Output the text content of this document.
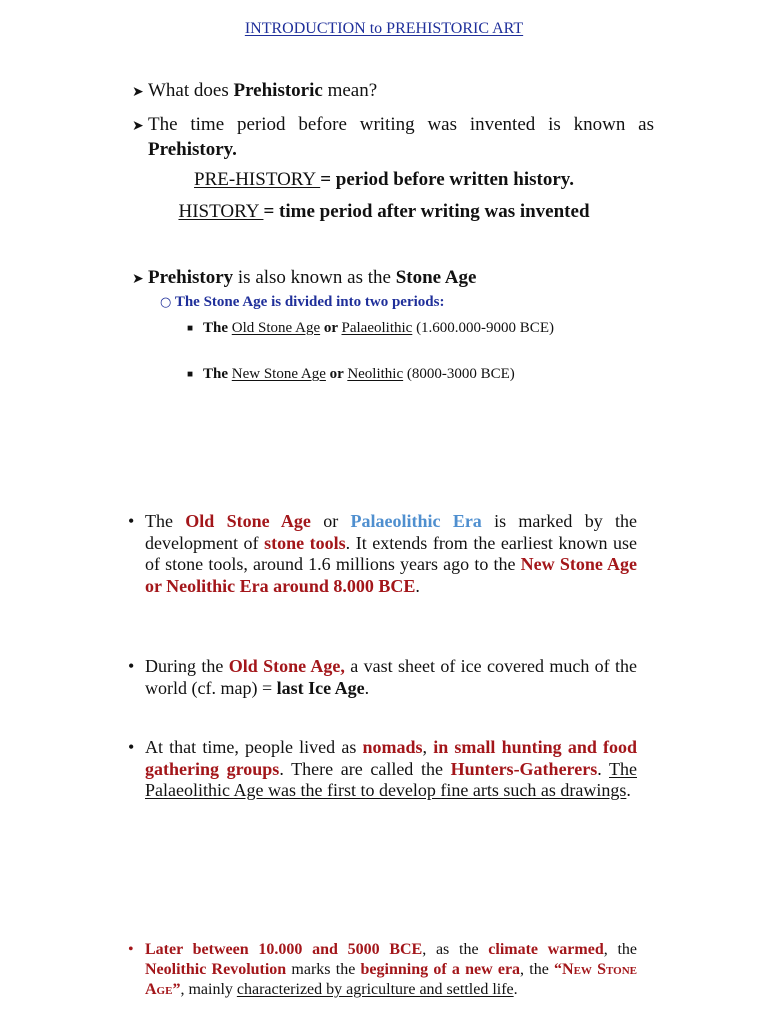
INTRODUCTION to PREHISTORIC ART
➤ What does Prehistoric mean?
➤ The time period before writing was invented is known as Prehistory.
PRE-HISTORY = period before written history.
HISTORY = time period after writing was invented
➤ Prehistory is also known as the Stone Age
○ The Stone Age is divided into two periods:
■ The Old Stone Age or Palaeolithic (1.600.000-9000 BCE)
■ The New Stone Age or Neolithic (8000-3000 BCE)
• The Old Stone Age or Palaeolithic Era is marked by the development of stone tools. It extends from the earliest known use of stone tools, around 1.6 millions years ago to the New Stone Age or Neolithic Era around 8.000 BCE.
• During the Old Stone Age, a vast sheet of ice covered much of the world (cf. map) = last Ice Age.
• At that time, people lived as nomads, in small hunting and food gathering groups. There are called the Hunters-Gatherers. The Palaeolithic Age was the first to develop fine arts such as drawings.
• Later between 10.000 and 5000 BCE, as the climate warmed, the Neolithic Revolution marks the beginning of a new era, the “New Stone Age”, mainly characterized by agriculture and settled life.
